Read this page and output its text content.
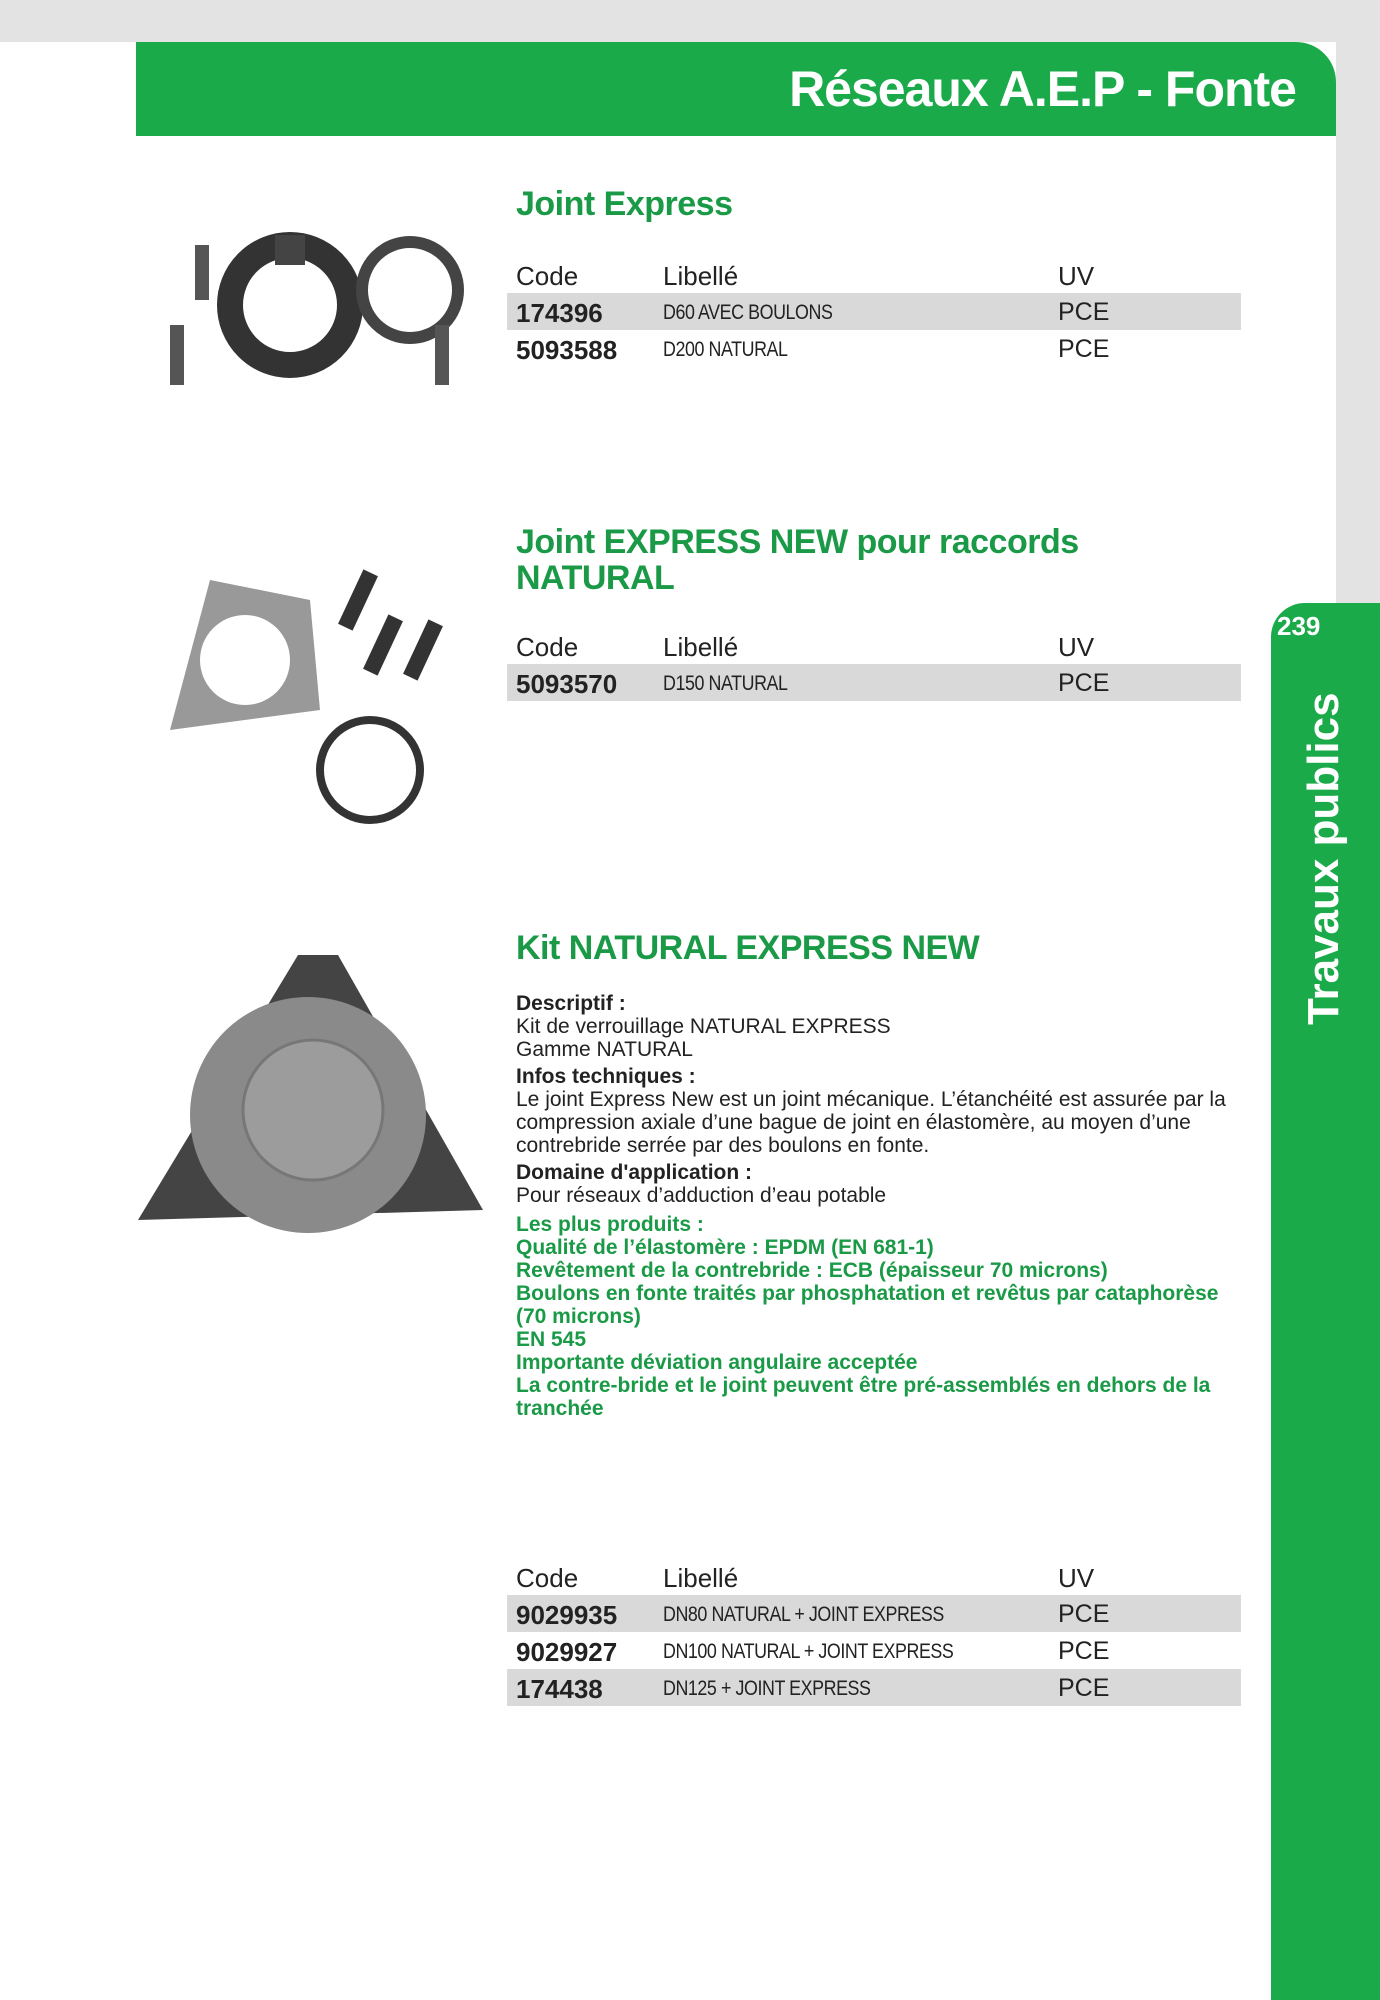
Réseaux A.E.P - Fonte
239
Travaux publics
Joint Express
Code	Libellé	UV
174396	D60 AVEC BOULONS	PCE
5093588 D200 NATURAL	PCE
Joint EXPRESS NEW pour raccords NATURAL
Code	Libellé	UV
5093570 D150 NATURAL	PCE
Kit NATURAL EXPRESS NEW
Descriptif :
Kit de verrouillage NATURAL EXPRESS
Gamme NATURAL
Infos techniques :
Le joint Express New est un joint mécanique. L’étanchéité est assurée par la compression axiale d’une bague de joint en élastomère, au moyen d’une contrebride serrée par des boulons en fonte.
Domaine d'application :
Pour réseaux d’adduction d’eau potable
Les plus produits :
Qualité de l’élastomère : EPDM (EN 681-1)
Revêtement de la contrebride : ECB (épaisseur 70 microns)
Boulons en fonte traités par phosphatation et revêtus par cataphorèse (70 microns)
EN 545
Importante déviation angulaire acceptée
La contre-bride et le joint peuvent être pré-assemblés en dehors de la tranchée
Code	Libellé	UV
9029935 DN80 NATURAL + JOINT EXPRESS	PCE
9029927 DN100 NATURAL + JOINT EXPRESS	PCE
174438	DN125 + JOINT EXPRESS	PCE
